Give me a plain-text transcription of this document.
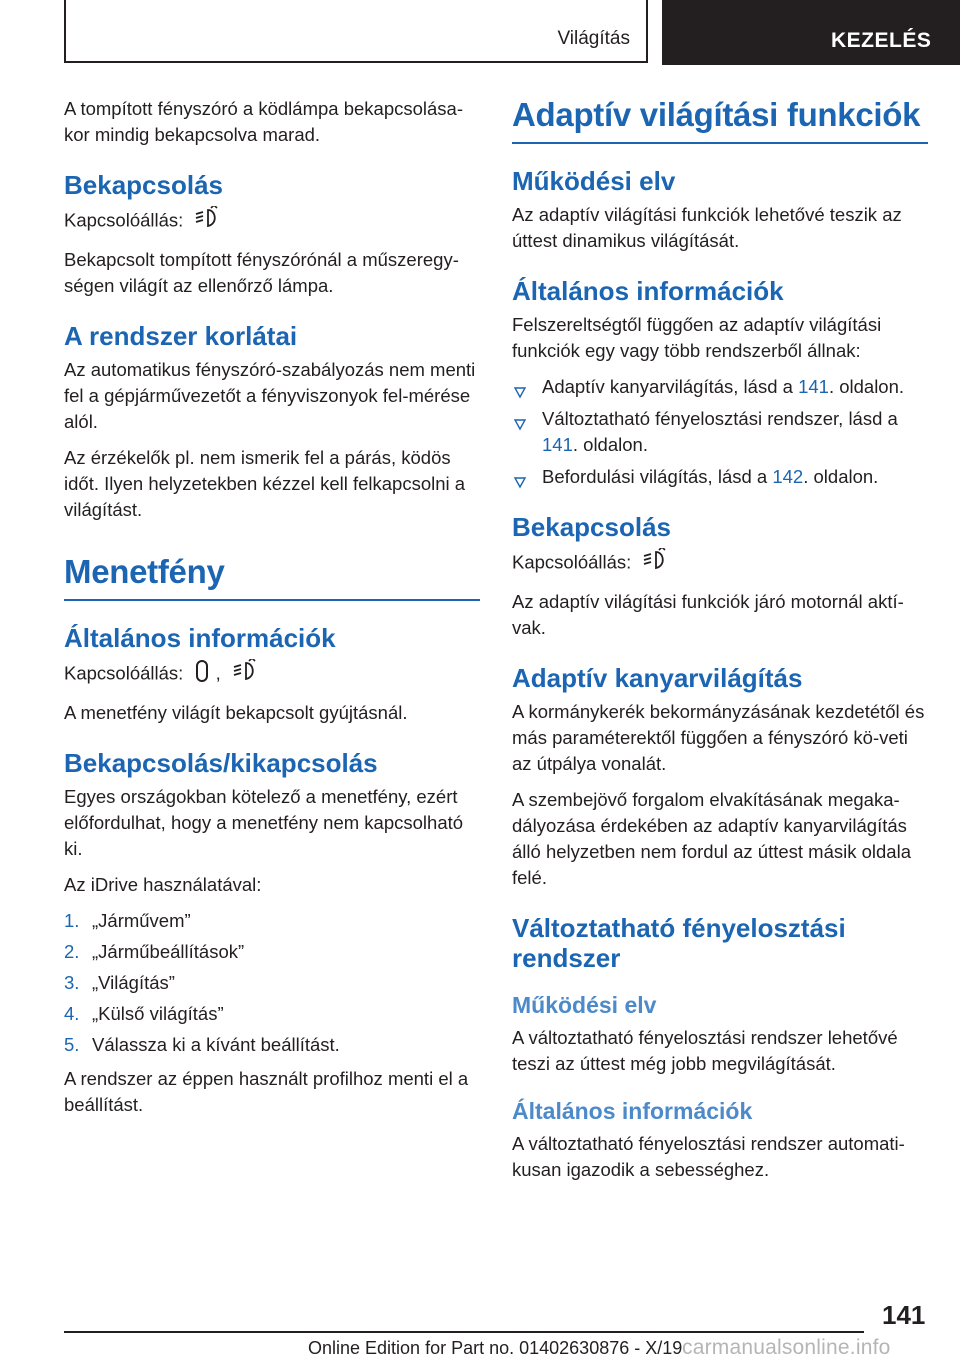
Világítás	KEZELÉS

A tompított fényszóró a ködlámpa bekapcsolása-kor mindig bekapcsolva marad.

Bekapcsolás

Kapcsolóállás:

Bekapcsolt tompított fényszórónál a műszeregy-ségen világít az ellenőrző lámpa.

A rendszer korlátai

Az automatikus fényszóró-szabályozás nem menti fel a gépjárművezetőt a fényviszonyok fel-mérése alól.

Az érzékelők pl. nem ismerik fel a párás, ködös időt. Ilyen helyzetekben kézzel kell felkapcsolni a világítást.

Menetfény
Általános információk

Kapcsolóállás: ,

A menetfény világít bekapcsolt gyújtásnál.

Bekapcsolás/kikapcsolás

Egyes országokban kötelező a menetfény, ezért előfordulhat, hogy a menetfény nem kapcsolható ki.

Az iDrive használatával:

1. „Járművem”
2. „Járműbeállítások”
3. „Világítás”
4. „Külső világítás”
5. Válassza ki a kívánt beállítást.

A rendszer az éppen használt profilhoz menti el a beállítást.

Adaptív világítási funkciók
Működési elv

Az adaptív világítási funkciók lehetővé teszik az úttest dinamikus világítását.

Általános információk

Felszereltségtől függően az adaptív világítási funkciók egy vagy több rendszerből állnak:

Adaptív kanyarvilágítás, lásd a 141. oldalon.
Változtatható fényelosztási rendszer, lásd a 141. oldalon.
Befordulási világítás, lásd a 142. oldalon.
Bekapcsolás

Kapcsolóállás:

Az adaptív világítási funkciók járó motornál aktí-vak.

Adaptív kanyarvilágítás

A kormánykerék bekormányzásának kezdetétől és más paraméterektől függően a fényszóró kö-veti az útpálya vonalát.

A szembejövő forgalom elvakításának megaka-dályozása érdekében az adaptív kanyarvilágítás álló helyzetben nem fordul az úttest másik oldala felé.

Változtatható fényelosztási rendszer
Működési elv

A változtatható fényelosztási rendszer lehetővé teszi az úttest még jobb megvilágítását.

Általános információk

A változtatható fényelosztási rendszer automati-kusan igazodik a sebességhez.

141
Online Edition for Part no. 01402630876 - X/19 carmanualsonline.info
